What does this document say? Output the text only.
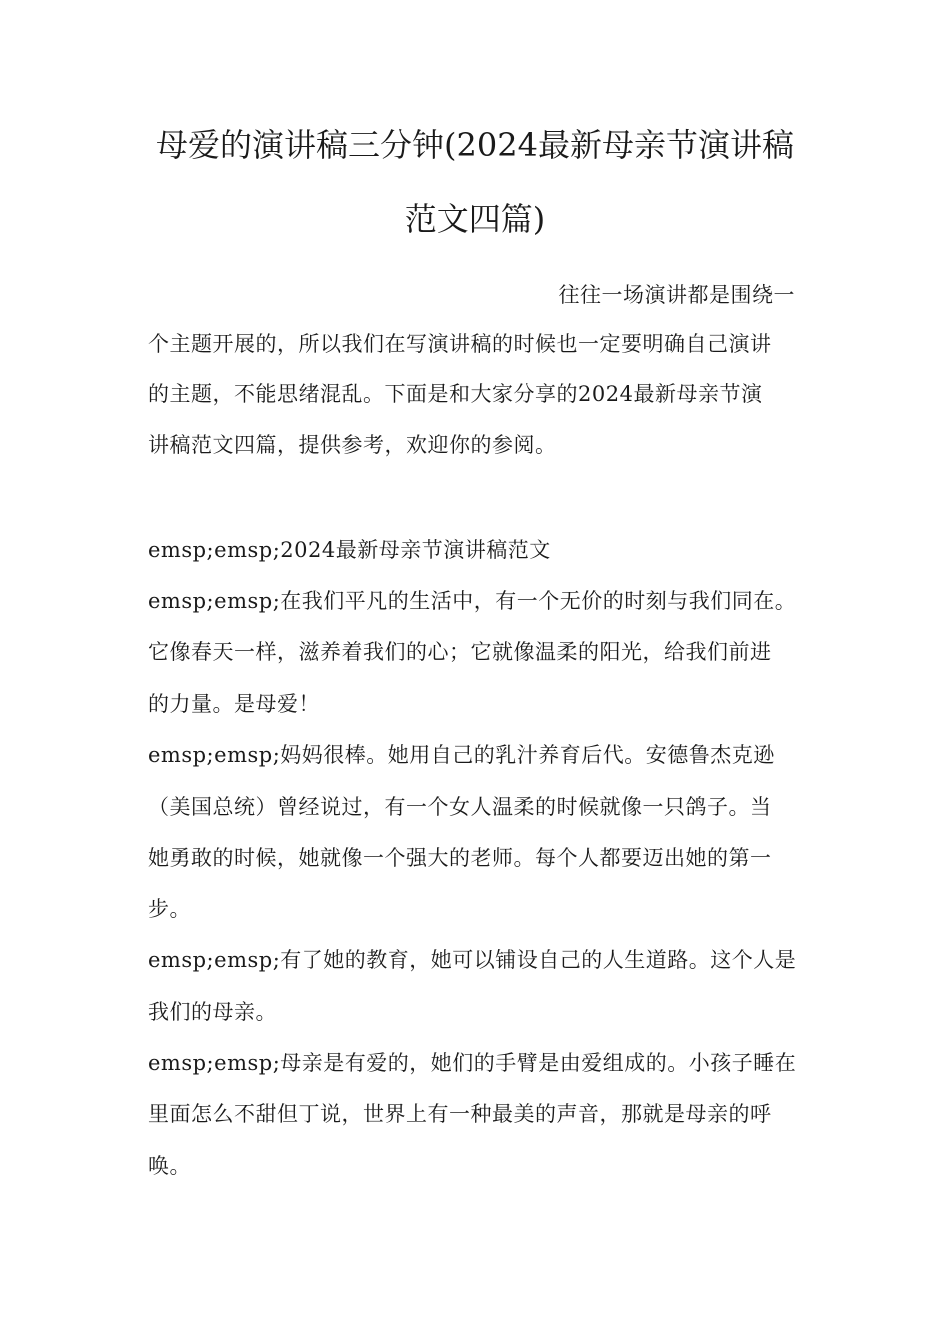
母爱的演讲稿三分钟(2024最新母亲节演讲稿
范文四篇)
往往一场演讲都是围绕一
个主题开展的，所以我们在写演讲稿的时候也一定要明确自己演讲
的主题，不能思绪混乱。下面是和大家分享的2024最新母亲节演
讲稿范文四篇，提供参考，欢迎你的参阅。
emsp;emsp;2024最新母亲节演讲稿范文
emsp;emsp;在我们平凡的生活中，有一个无价的时刻与我们同在。
它像春天一样，滋养着我们的心；它就像温柔的阳光，给我们前进
的力量。是母爱！
emsp;emsp;妈妈很棒。她用自己的乳汁养育后代。安德鲁杰克逊
（美国总统）曾经说过，有一个女人温柔的时候就像一只鸽子。当
她勇敢的时候，她就像一个强大的老师。每个人都要迈出她的第一
步。
emsp;emsp;有了她的教育，她可以铺设自己的人生道路。这个人是
我们的母亲。
emsp;emsp;母亲是有爱的，她们的手臂是由爱组成的。小孩子睡在
里面怎么不甜但丁说，世界上有一种最美的声音，那就是母亲的呼
唤。
